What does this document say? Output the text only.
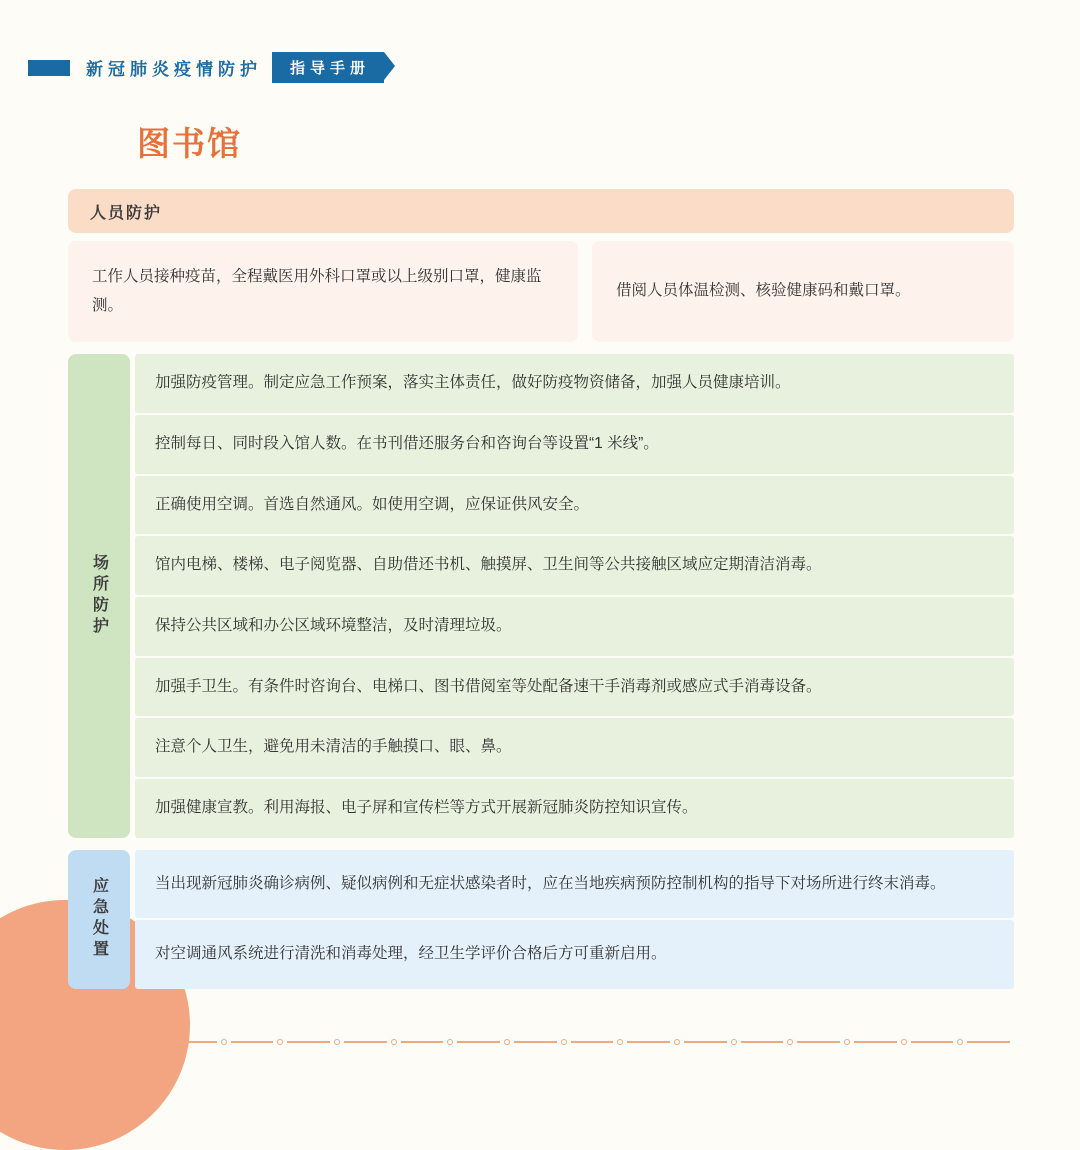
新冠肺炎疫情防护	指导手册
图书馆
人员防护
工作人员接种疫苗，全程戴医用外科口罩或以上级别口罩，健康监测。
借阅人员体温检测、核验健康码和戴口罩。
场所防护
加强防疫管理。制定应急工作预案，落实主体责任，做好防疫物资储备，加强人员健康培训。
控制每日、同时段入馆人数。在书刊借还服务台和咨询台等设置“1 米线”。
正确使用空调。首选自然通风。如使用空调，应保证供风安全。
馆内电梯、楼梯、电子阅览器、自助借还书机、触摸屏、卫生间等公共接触区域应定期清洁消毒。
保持公共区域和办公区域环境整洁，及时清理垃圾。
加强手卫生。有条件时咨询台、电梯口、图书借阅室等处配备速干手消毒剂或感应式手消毒设备。
注意个人卫生，避免用未清洁的手触摸口、眼、鼻。
加强健康宣教。利用海报、电子屏和宣传栏等方式开展新冠肺炎防控知识宣传。
应急处置	当出现新冠肺炎确诊病例、疑似病例和无症状感染者时，应在当地疾病预防控制机构的指导下对场所进行终末消毒。
对空调通风系统进行清洗和消毒处理，经卫生学评价合格后方可重新启用。
